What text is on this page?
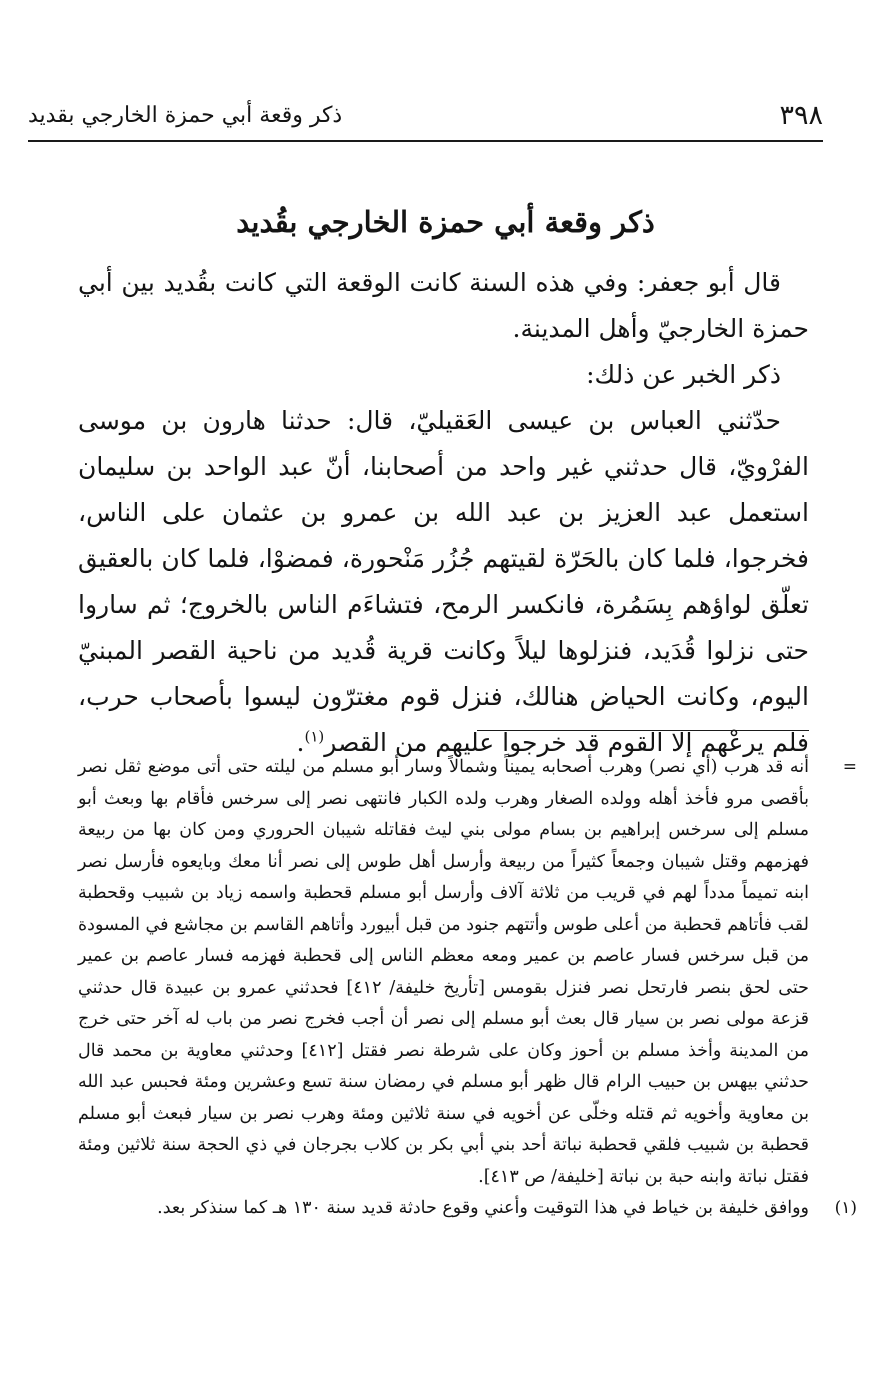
٣٩٨
ذكر وقعة أبي حمزة الخارجي بقديد
ذكر وقعة أبي حمزة الخارجي بقُديد

قال أبو جعفر: وفي هذه السنة كانت الوقعة التي كانت بقُديد بين أبي حمزة الخارجيّ وأهل المدينة.

ذكر الخبر عن ذلك:

حدّثني العباس بن عيسى العَقيليّ، قال: حدثنا هارون بن موسى الفرْويّ، قال حدثني غير واحد من أصحابنا، أنّ عبد الواحد بن سليمان استعمل عبد العزيز بن عبد الله بن عمرو بن عثمان على الناس، فخرجوا، فلما كان بالحَرّة لقيتهم جُزُر مَنْحورة، فمضوْا، فلما كان بالعقيق تعلّق لواؤهم بِسَمُرة، فانكسر الرمح، فتشاءَم الناس بالخروج؛ ثم ساروا حتى نزلوا قُدَيد، فنزلوها ليلاً وكانت قرية قُديد من ناحية القصر المبنيّ اليوم، وكانت الحياض هنالك، فنزل قوم مغترّون ليسوا بأصحاب حرب، فلم يرعْهم إلا القوم قد خرجوا عليهم من القصر$^{(١)}$.

=
أنه قد هرب (أي نصر) وهرب أصحابه يميناً وشمالاً وسار أبو مسلم من ليلته حتى أتى موضع ثقل نصر بأقصى مرو فأخذ أهله وولده الصغار وهرب ولده الكبار فانتهى نصر إلى سرخس فأقام بها وبعث أبو مسلم إلى سرخس إبراهيم بن بسام مولى بني ليث فقاتله شيبان الحروري ومن كان بها من ربيعة فهزمهم وقتل شيبان وجمعاً كثيراً من ربيعة وأرسل أهل طوس إلى نصر أنا معك وبايعوه فأرسل نصر ابنه تميماً مدداً لهم في قريب من ثلاثة آلاف وأرسل أبو مسلم قحطبة واسمه زياد بن شبيب وقحطبة لقب فأتاهم قحطبة من أعلى طوس وأتتهم جنود من قبل أبيورد وأتاهم القاسم بن مجاشع في المسودة من قبل سرخس فسار عاصم بن عمير ومعه معظم الناس إلى قحطبة فهزمه فسار عاصم بن عمير حتى لحق بنصر فارتحل نصر فنزل بقومس [تأريخ خليفة/ ٤١٢] فحدثني عمرو بن عبيدة قال حدثني قزعة مولى نصر بن سيار قال بعث أبو مسلم إلى نصر أن أجب فخرج نصر من باب له آخر حتى خرج من المدينة وأخذ مسلم بن أحوز وكان على شرطة نصر فقتل [٤١٢] وحدثني معاوية بن محمد قال حدثني بيهس بن حبيب الرام قال ظهر أبو مسلم في رمضان سنة تسع وعشرين ومئة فحبس عبد الله بن معاوية وأخويه ثم قتله وخلّى عن أخويه في سنة ثلاثين ومئة وهرب نصر بن سيار فبعث أبو مسلم قحطبة بن شبيب فلقي قحطبة نباتة أحد بني أبي بكر بن كلاب بجرجان في ذي الحجة سنة ثلاثين ومئة فقتل نباتة وابنه حبة بن نباتة [خليفة/ ص ٤١٣].
(١)
ووافق خليفة بن خياط في هذا التوقيت وأعني وقوع حادثة قديد سنة ١٣٠ هـ كما سنذكر بعد.
